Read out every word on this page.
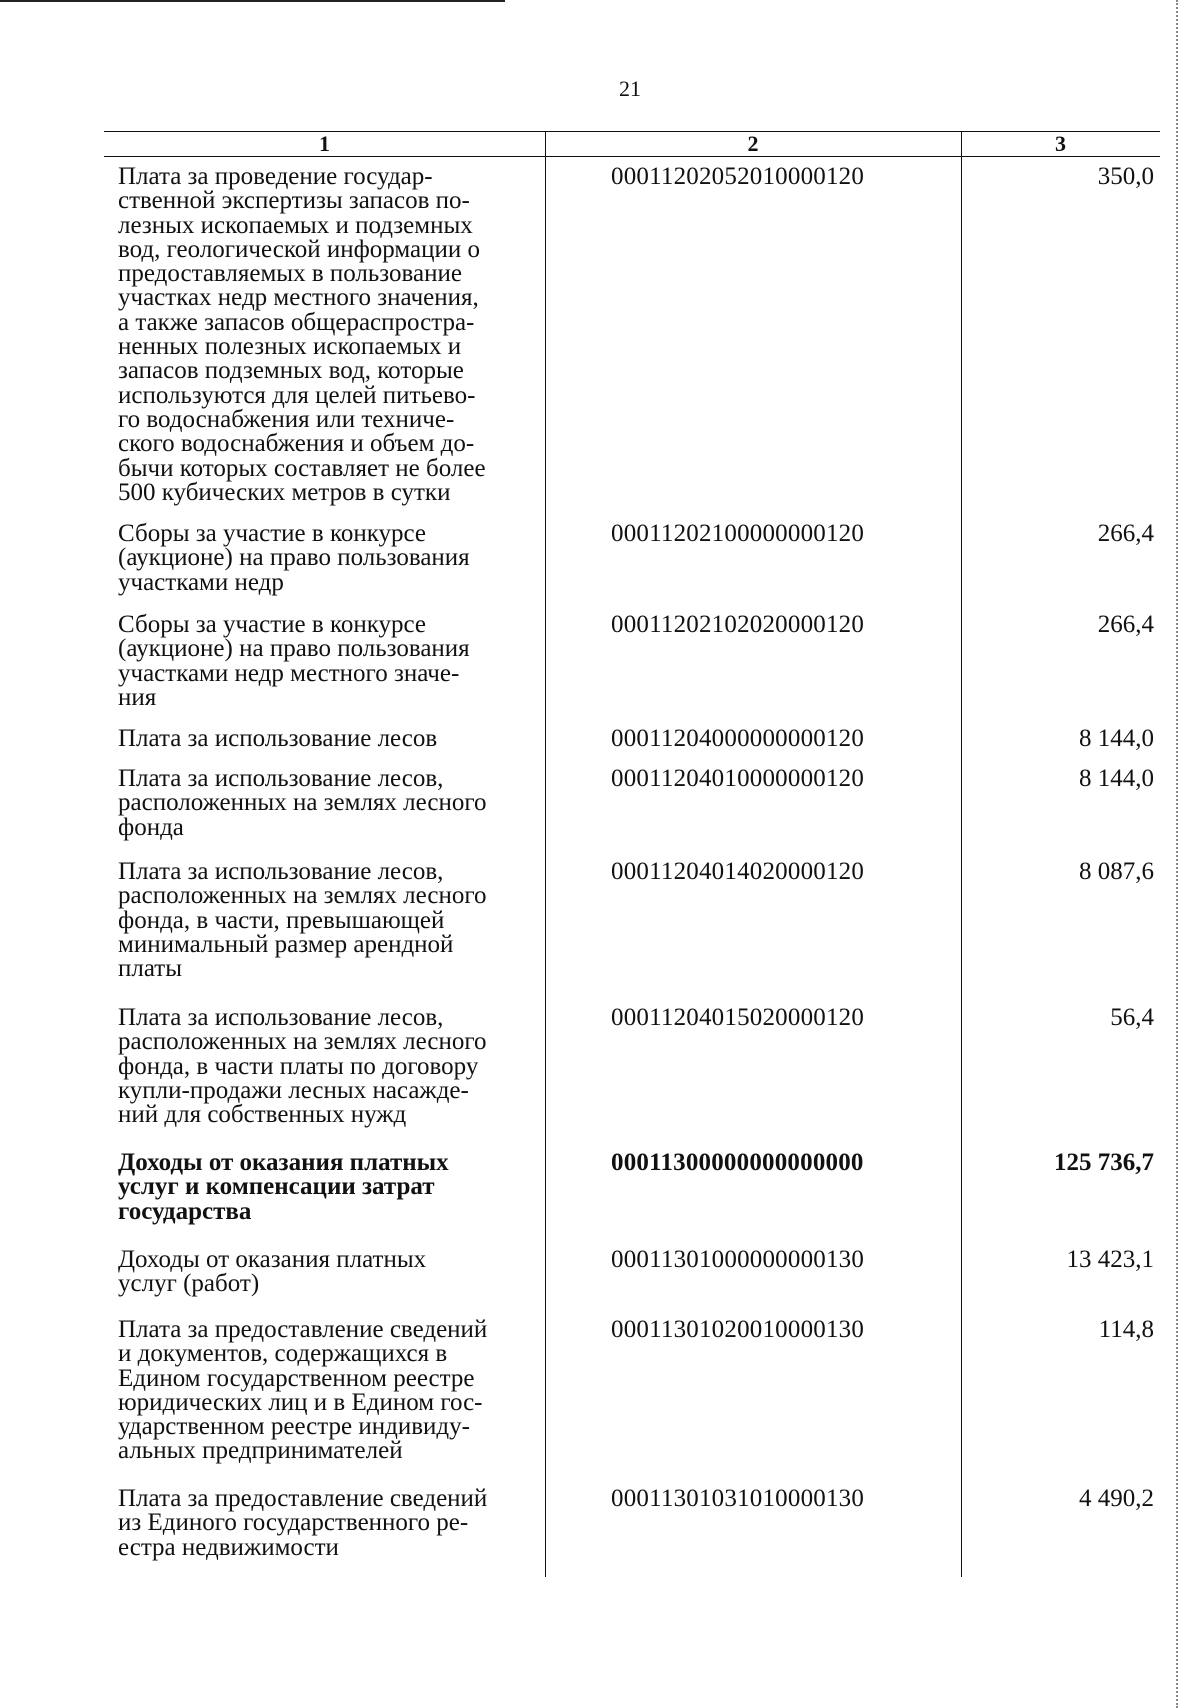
21
1	2	3
Плата за проведение государ-
ственной экспертизы запасов по-
лезных ископаемых и подземных
вод, геологической информации о
предоставляемых в пользование
участках недр местного значения,
а также запасов общераспростра-
ненных полезных ископаемых и
запасов подземных вод, которые
используются для целей питьево-
го водоснабжения или техниче-
ского водоснабжения и объем до-
бычи которых составляет не более
500 кубических метров в сутки
00011202052010000120	350,0
Сборы за участие в конкурсе
(аукционе) на право пользования
участками недр
00011202100000000120	266,4
Сборы за участие в конкурсе
(аукционе) на право пользования
участками недр местного значе-
ния
00011202102020000120	266,4
Плата за использование лесов	00011204000000000120	8 144,0
Плата за использование лесов,
расположенных на землях лесного
фонда
00011204010000000120	8 144,0
Плата за использование лесов,
расположенных на землях лесного
фонда, в части, превышающей
минимальный размер арендной
платы
00011204014020000120	8 087,6
Плата за использование лесов,
расположенных на землях лесного
фонда, в части платы по договору
купли-продажи лесных насажде-
ний для собственных нужд
00011204015020000120	56,4
Доходы от оказания платных
услуг и компенсации затрат
государства
00011300000000000000	125 736,7
Доходы от оказания платных
услуг (работ)
00011301000000000130	13 423,1
Плата за предоставление сведений
и документов, содержащихся в
Едином государственном реестре
юридических лиц и в Едином гос-
ударственном реестре индивиду-
альных предпринимателей
00011301020010000130	114,8
Плата за предоставление сведений
из Единого государственного ре-
естра недвижимости
00011301031010000130	4 490,2
